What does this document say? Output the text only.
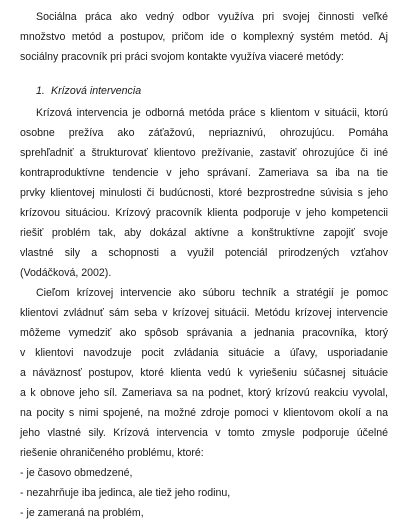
Sociálna práca ako vedný odbor využíva pri svojej činnosti veľké
množstvo metód a postupov, pričom ide o komplexný systém metód. Aj
sociálny pracovník pri práci svojom kontakte využíva viaceré metódy:
1. Krízová intervencia
Krízová intervencia je odborná metóda práce s klientom v situácii, ktorú
osobne prežíva ako záťažovú, nepriaznivú, ohrozujúcu. Pomáha
sprehľadniť a štrukturovať klientovo prežívanie, zastaviť ohrozujúce či iné
kontraproduktívne tendencie v jeho správaní. Zameriava sa iba na tie
prvky klientovej minulosti či budúcnosti, ktoré bezprostredne súvisia s jeho
krízovou situáciou. Krízový pracovník klienta podporuje v jeho kompetencii
riešiť problém tak, aby dokázal aktívne a konštruktívne zapojiť svoje
vlastné sily a schopnosti a využil potenciál prirodzených vzťahov
(Vodáčková, 2002).
Cieľom krízovej intervencie ako súboru techník a stratégií je pomoc
klientovi zvládnuť sám seba v krízovej situácii. Metódu krízovej intervencie
môžeme vymedziť ako spôsob správania a jednania pracovníka, ktorý
v klientovi navodzuje pocit zvládania situácie a úľavy, usporiadanie
a náväznosť postupov, ktoré klienta vedú k vyriešeniu súčasnej situácie
a k obnove jeho síl. Zameriava sa na podnet, ktorý krízovú reakciu vyvolal,
na pocity s nimi spojené, na možné zdroje pomoci v klientovom okolí a na
jeho vlastné sily. Krízová intervencia v tomto zmysle podporuje účelné
riešenie ohraničeného problému, ktoré:
- je časovo obmedzené,
- nezahrňuje iba jedinca, ale tiež jeho rodinu,
- je zameraná na problém,
